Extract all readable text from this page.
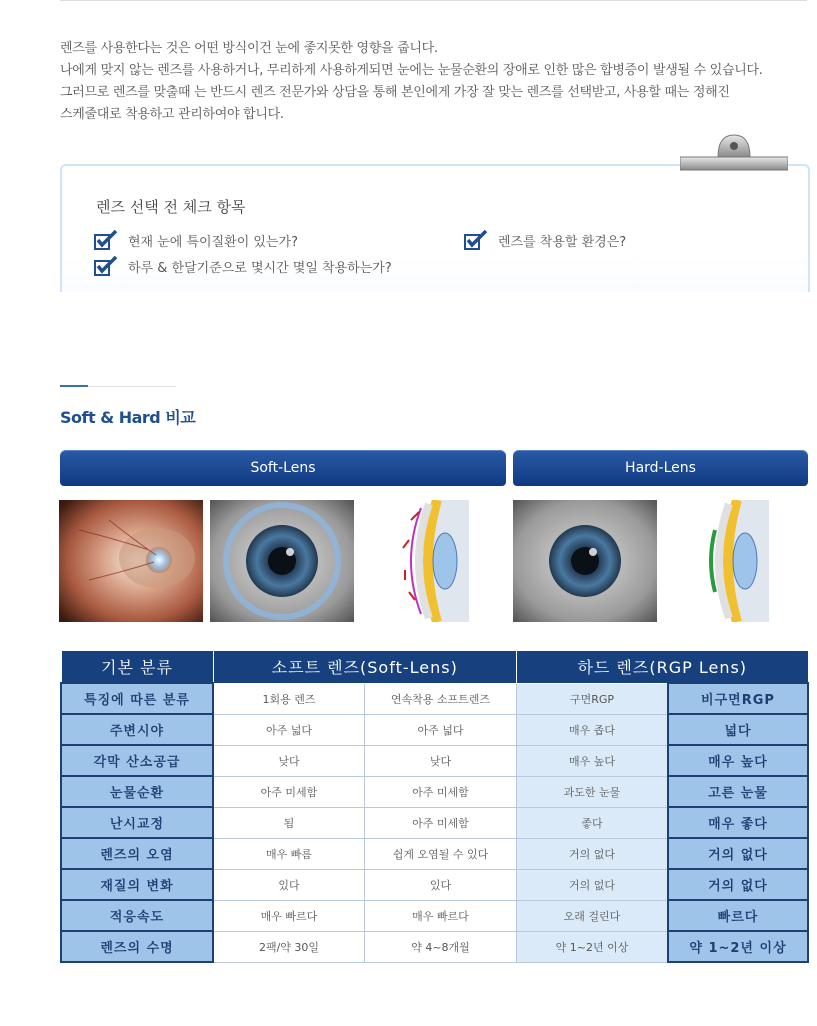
렌즈를 사용한다는 것은 어떤 방식이건 눈에 좋지못한 영향을 줍니다.
나에게 맞지 않는 렌즈를 사용하거나, 무리하게 사용하게되면 눈에는 눈물순환의 장애로 인한 많은 합병증이 발생될 수 있습니다.
그러므로 렌즈를 맞출때 는 반드시 렌즈 전문가와 상담을 통해 본인에게 가장 잘 맞는 렌즈를 선택받고, 사용할 때는 정해진
스케줄대로 착용하고 관리하여야 합니다.
렌즈 선택 전 체크 항목
현재 눈에 특이질환이 있는가?	렌즈를 착용할 환경은?
하루 & 한달기준으로 몇시간 몇일 착용하는가?
Soft & Hard 비교
Soft-Lens	Hard-Lens
기본 분류	소프트 렌즈(Soft-Lens)		하드 렌즈(RGP Lens)	
특징에 따른 분류	1회용 렌즈	연속착용 소프트렌즈	구면RGP	비구면RGP
주변시야	아주 넓다	아주 넓다	매우 좁다	넓다
각막 산소공급	낮다	낮다	매우 높다	매우 높다
눈물순환	아주 미세함	아주 미세함	과도한 눈물	고른 눈물
난시교정	됨	아주 미세함	좋다	매우 좋다
렌즈의 오염	매우 빠름	쉽게 오염될 수 있다	거의 없다	거의 없다
재질의 변화	있다	있다	거의 없다	거의 없다
적응속도	매우 빠르다	매우 빠르다	오래 걸린다	빠르다
렌즈의 수명	2팩/약 30일	약 4~8개월	약 1~2년 이상	약 1~2년 이상
